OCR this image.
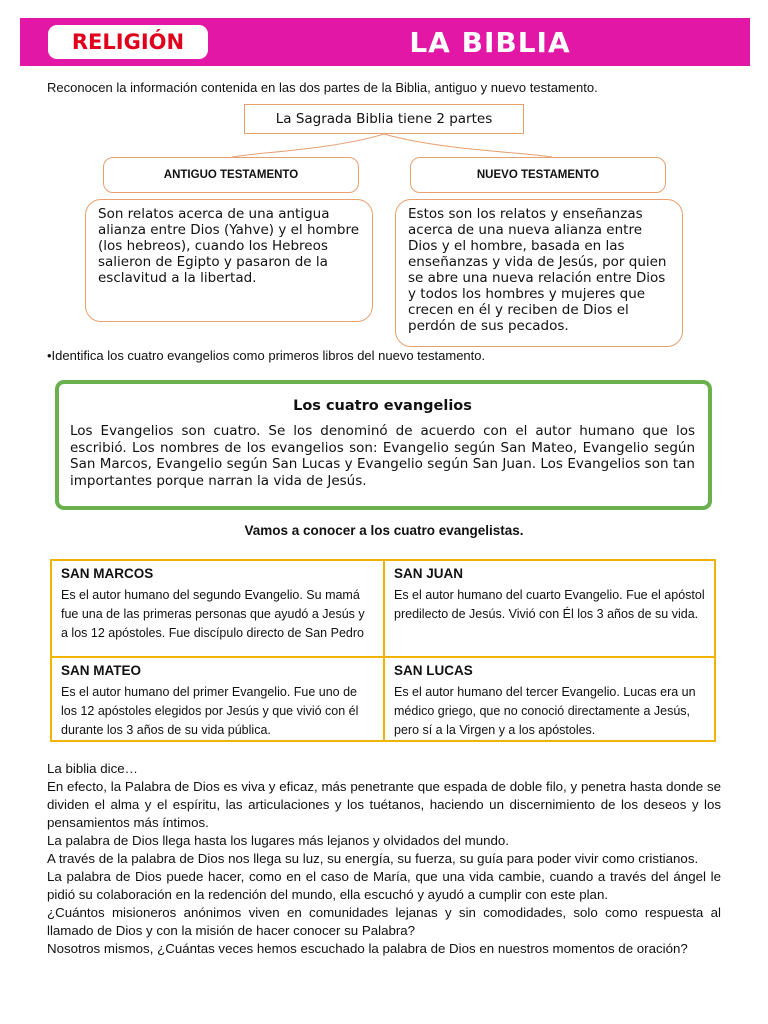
RELIGIÓN	LA BIBLIA
Reconocen la información contenida en las dos partes de la Biblia, antiguo y nuevo testamento.
La Sagrada Biblia tiene 2 partes
ANTIGUO TESTAMENTO	NUEVO TESTAMENTO
Son relatos acerca de una antigua alianza entre Dios (Yahve) y el hombre (los hebreos), cuando los Hebreos salieron de Egipto y pasaron de la esclavitud a la libertad.
Estos son los relatos y enseñanzas acerca de una nueva alianza entre Dios y el hombre, basada en las enseñanzas y vida de Jesús, por quien se abre una nueva relación entre Dios y todos los hombres y mujeres que crecen en él y reciben de Dios el perdón de sus pecados.
•Identifica los cuatro evangelios como primeros libros del nuevo testamento.
Los cuatro evangelios
Los Evangelios son cuatro. Se los denominó de acuerdo con el autor humano que los escribió. Los nombres de los evangelios son: Evangelio según San Mateo, Evangelio según San Marcos, Evangelio según San Lucas y Evangelio según San Juan. Los Evangelios son tan importantes porque narran la vida de Jesús.
Vamos a conocer a los cuatro evangelistas.
SAN MARCOS
Es el autor humano del segundo Evangelio. Su mamá fue una de las primeras personas que ayudó a Jesús y a los 12 apóstoles. Fue discípulo directo de San Pedro
SAN JUAN
Es el autor humano del cuarto Evangelio. Fue el apóstol predilecto de Jesús. Vivió con Él los 3 años de su vida.
SAN MATEO
Es el autor humano del primer Evangelio. Fue uno de los 12 apóstoles elegidos por Jesús y que vivió con él durante los 3 años de su vida pública.
SAN LUCAS
Es el autor humano del tercer Evangelio. Lucas era un médico griego, que no conoció directamente a Jesús, pero sí a la Virgen y a los apóstoles.

La biblia dice…

En efecto, la Palabra de Dios es viva y eficaz, más penetrante que espada de doble filo, y penetra hasta donde se dividen el alma y el espíritu, las articulaciones y los tuétanos, haciendo un discernimiento de los deseos y los pensamientos más íntimos.

La palabra de Dios llega hasta los lugares más lejanos y olvidados del mundo.

A través de la palabra de Dios nos llega su luz, su energía, su fuerza, su guía para poder vivir como cristianos.

La palabra de Dios puede hacer, como en el caso de María, que una vida cambie, cuando a través del ángel le pidió su colaboración en la redención del mundo, ella escuchó y ayudó a cumplir con este plan.

¿Cuántos misioneros anónimos viven en comunidades lejanas y sin comodidades, solo como respuesta al llamado de Dios y con la misión de hacer conocer su Palabra?

Nosotros mismos, ¿Cuántas veces hemos escuchado la palabra de Dios en nuestros momentos de oración?
